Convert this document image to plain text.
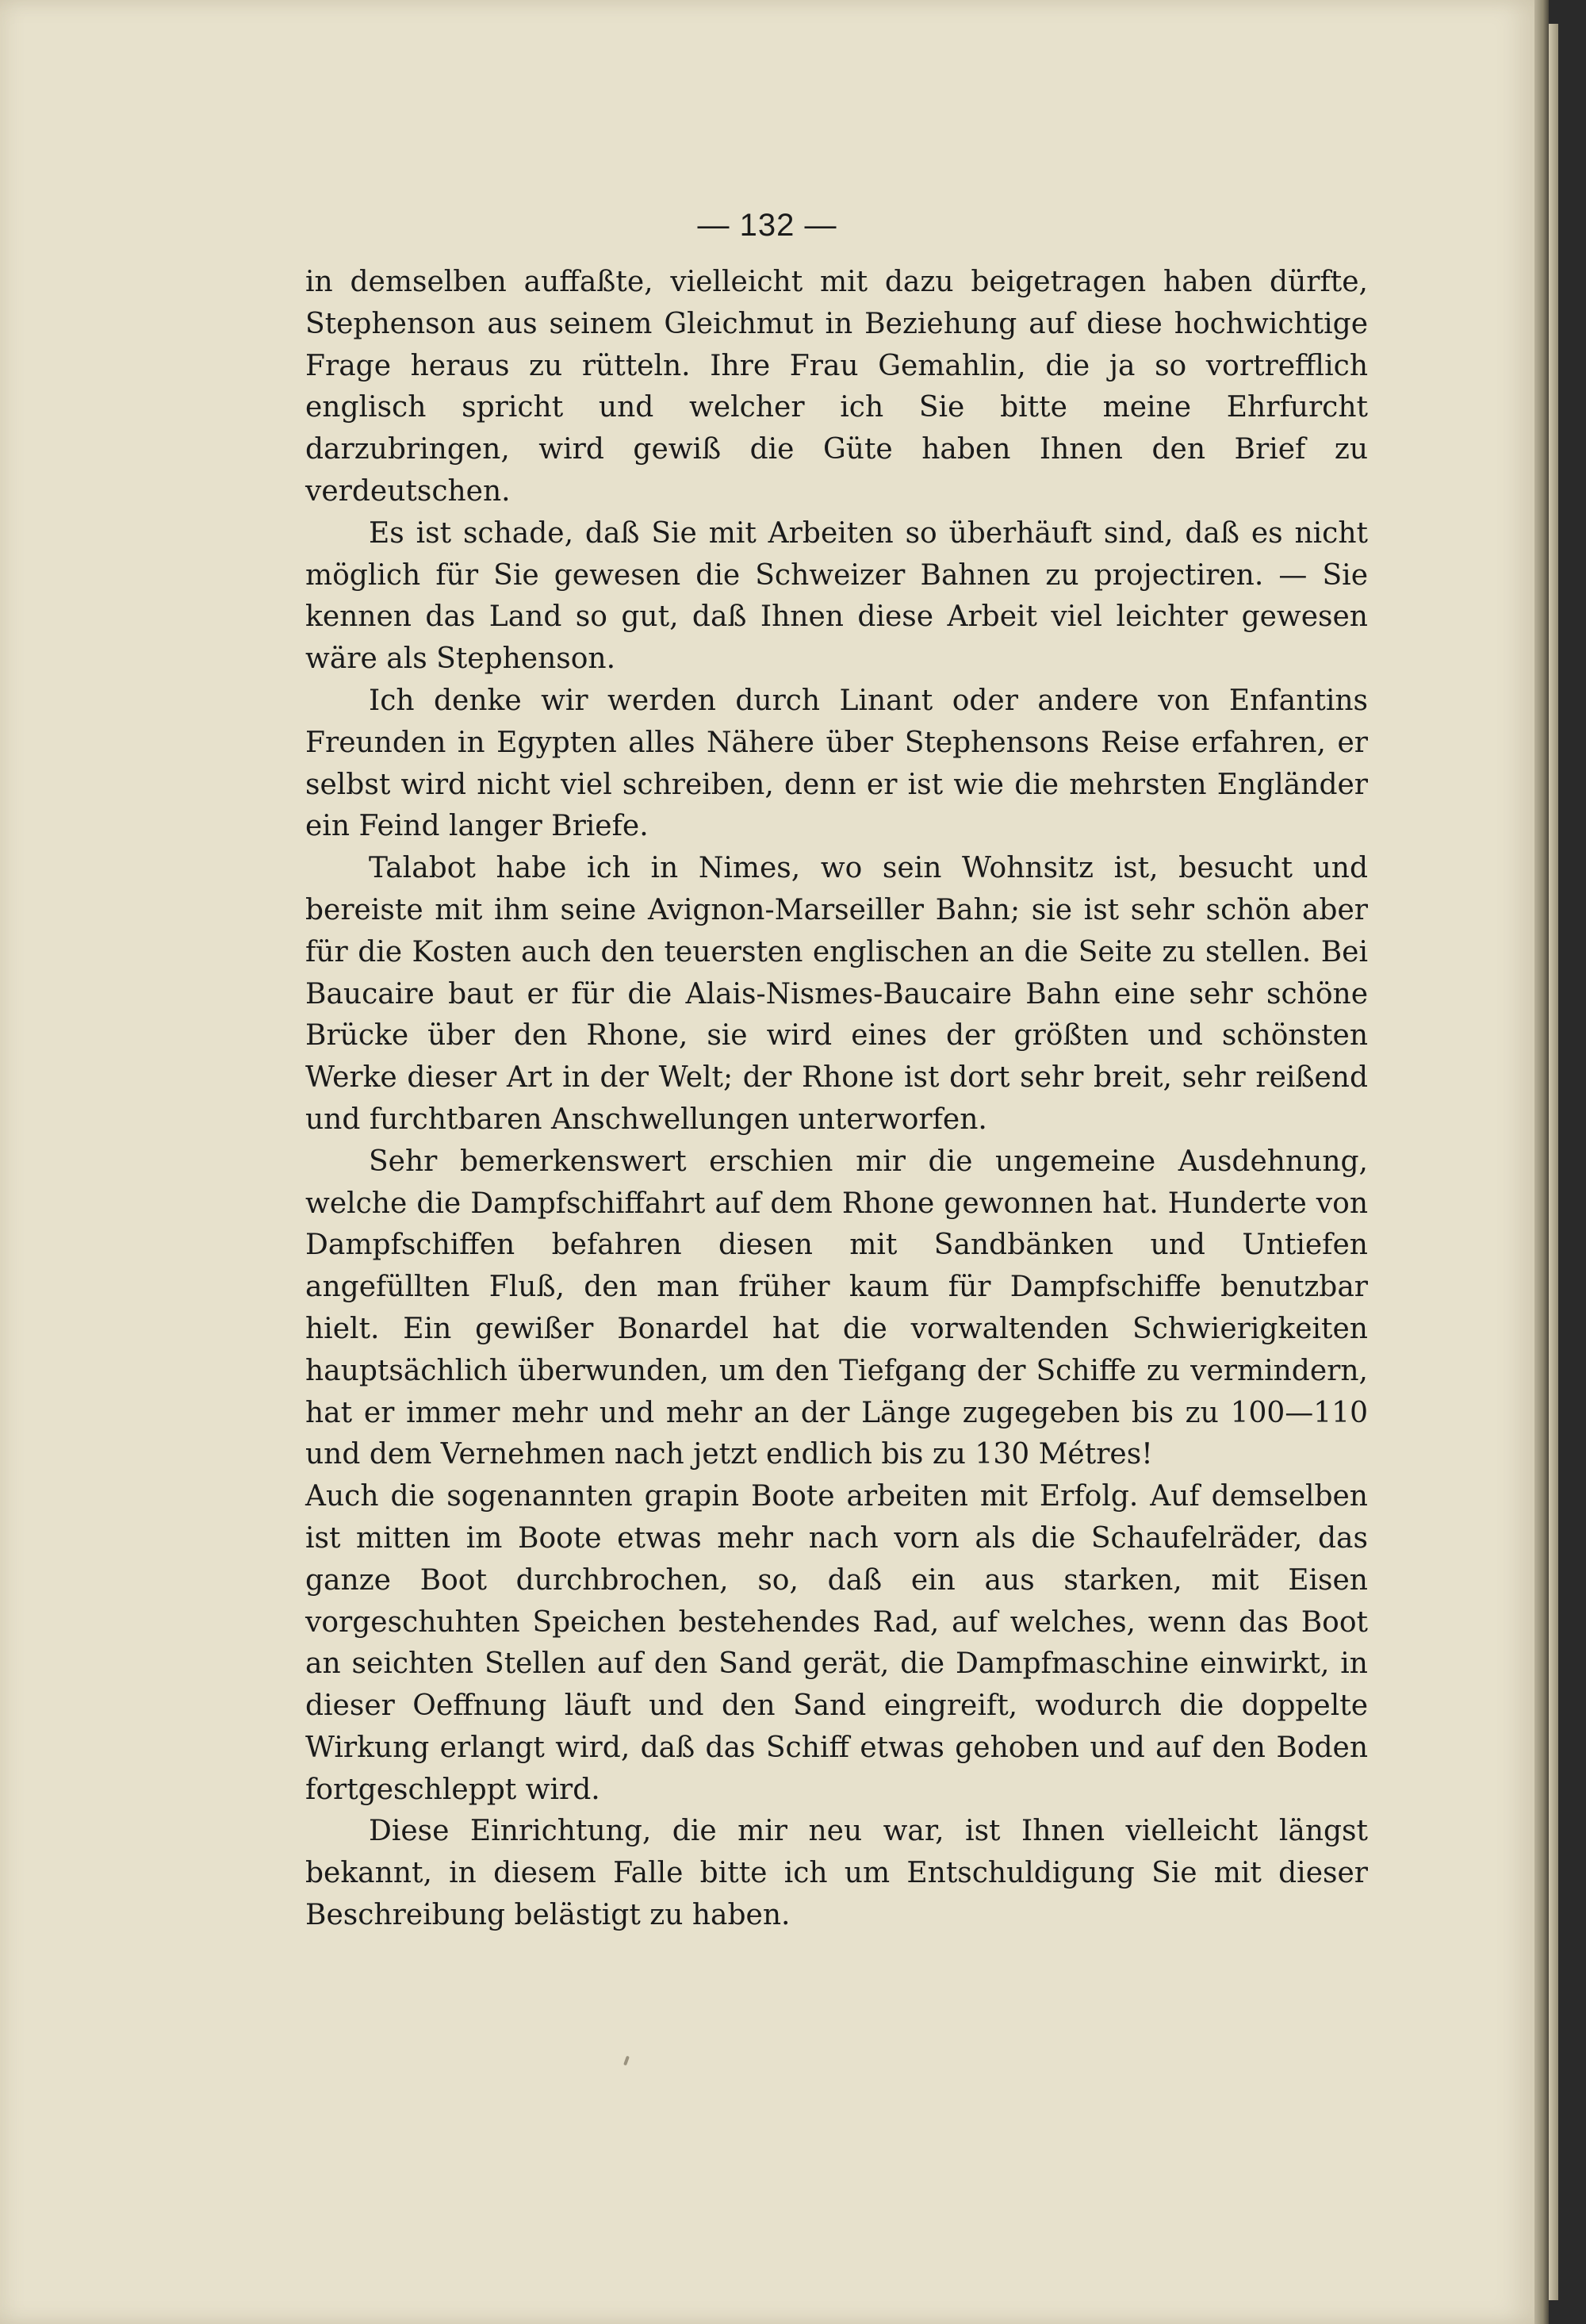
— 132 —

in demselben auffaßte, vielleicht mit dazu beigetragen haben dürfte, Stephenson aus seinem Gleichmut in Beziehung auf diese hochwichtige Frage heraus zu rütteln. Ihre Frau Gemahlin, die ja so vortrefflich englisch spricht und welcher ich Sie bitte meine Ehrfurcht darzubringen, wird gewiß die Güte haben Ihnen den Brief zu verdeutschen.

Es ist schade, daß Sie mit Arbeiten so überhäuft sind, daß es nicht möglich für Sie gewesen die Schweizer Bahnen zu projectiren. — Sie kennen das Land so gut, daß Ihnen diese Arbeit viel leichter gewesen wäre als Stephenson.

Ich denke wir werden durch Linant oder andere von Enfantins Freunden in Egypten alles Nähere über Stephensons Reise erfahren, er selbst wird nicht viel schreiben, denn er ist wie die mehrsten Engländer ein Feind langer Briefe.

Talabot habe ich in Nimes, wo sein Wohnsitz ist, besucht und bereiste mit ihm seine Avignon-Marseiller Bahn; sie ist sehr schön aber für die Kosten auch den teuersten englischen an die Seite zu stellen. Bei Baucaire baut er für die Alais-Nismes-Baucaire Bahn eine sehr schöne Brücke über den Rhone, sie wird eines der größten und schönsten Werke dieser Art in der Welt; der Rhone ist dort sehr breit, sehr reißend und furchtbaren Anschwellungen unterworfen.

Sehr bemerkenswert erschien mir die ungemeine Ausdehnung, welche die Dampfschiffahrt auf dem Rhone gewonnen hat. Hunderte von Dampfschiffen befahren diesen mit Sandbänken und Untiefen angefüllten Fluß, den man früher kaum für Dampfschiffe benutzbar hielt. Ein gewißer Bonardel hat die vorwaltenden Schwierigkeiten hauptsächlich überwunden, um den Tiefgang der Schiffe zu vermindern, hat er immer mehr und mehr an der Länge zugegeben bis zu 100—110 und dem Vernehmen nach jetzt endlich bis zu 130 Métres!

Auch die sogenannten grapin Boote arbeiten mit Erfolg. Auf demselben ist mitten im Boote etwas mehr nach vorn als die Schaufelräder, das ganze Boot durchbrochen, so, daß ein aus starken, mit Eisen vorgeschuhten Speichen bestehendes Rad, auf welches, wenn das Boot an seichten Stellen auf den Sand gerät, die Dampfmaschine einwirkt, in dieser Oeffnung läuft und den Sand eingreift, wodurch die doppelte Wirkung erlangt wird, daß das Schiff etwas gehoben und auf den Boden fortgeschleppt wird.

Diese Einrichtung, die mir neu war, ist Ihnen vielleicht längst bekannt, in diesem Falle bitte ich um Entschuldigung Sie mit dieser Beschreibung belästigt zu haben.
